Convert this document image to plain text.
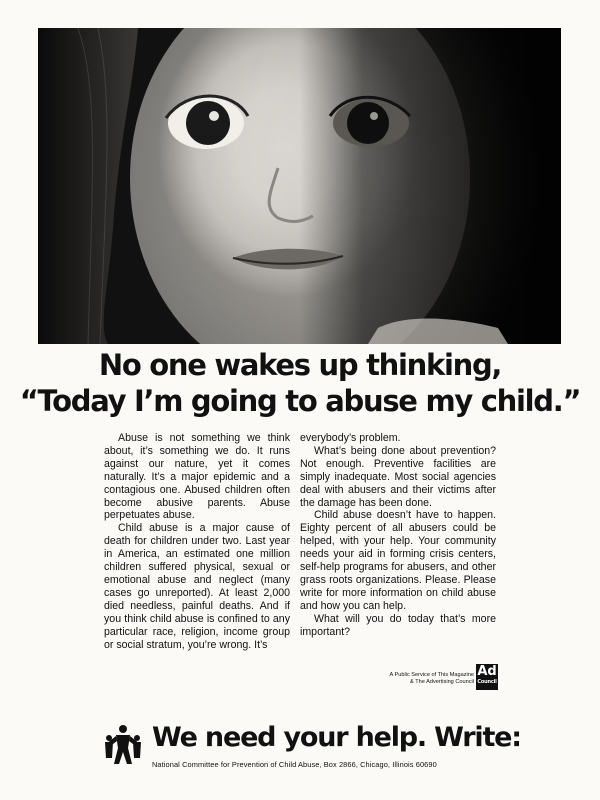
No one wakes up thinking,
“Today I’m going to abuse my child.”

Abuse is not something we think about, it’s something we do. It runs against our nature, yet it comes naturally. It’s a major epidemic and a contagious one. Abused children often become abusive parents. Abuse perpetuates abuse.

Child abuse is a major cause of death for children under two. Last year in America, an estimated one million children suffered physical, sexual or emotional abuse and neglect (many cases go unreported). At least 2,000 died needless, painful deaths. And if you think child abuse is confined to any particular race, religion, income group or social stratum, you’re wrong. It’s

everybody’s problem.

What’s being done about prevention? Not enough. Preventive facilities are simply inadequate. Most social agencies deal with abusers and their victims after the damage has been done.

Child abuse doesn’t have to happen. Eighty percent of all abusers could be helped, with your help. Your community needs your aid in forming crisis centers, self-help programs for abusers, and other grass roots organizations. Please. Please write for more information on child abuse and how you can help.

What will you do today that’s more important?

A Public Service of This Magazine
& The Advertising Council
Ad
Council
We need your help. Write:
National Committee for Prevention of Child Abuse, Box 2866, Chicago, Illinois 60690
